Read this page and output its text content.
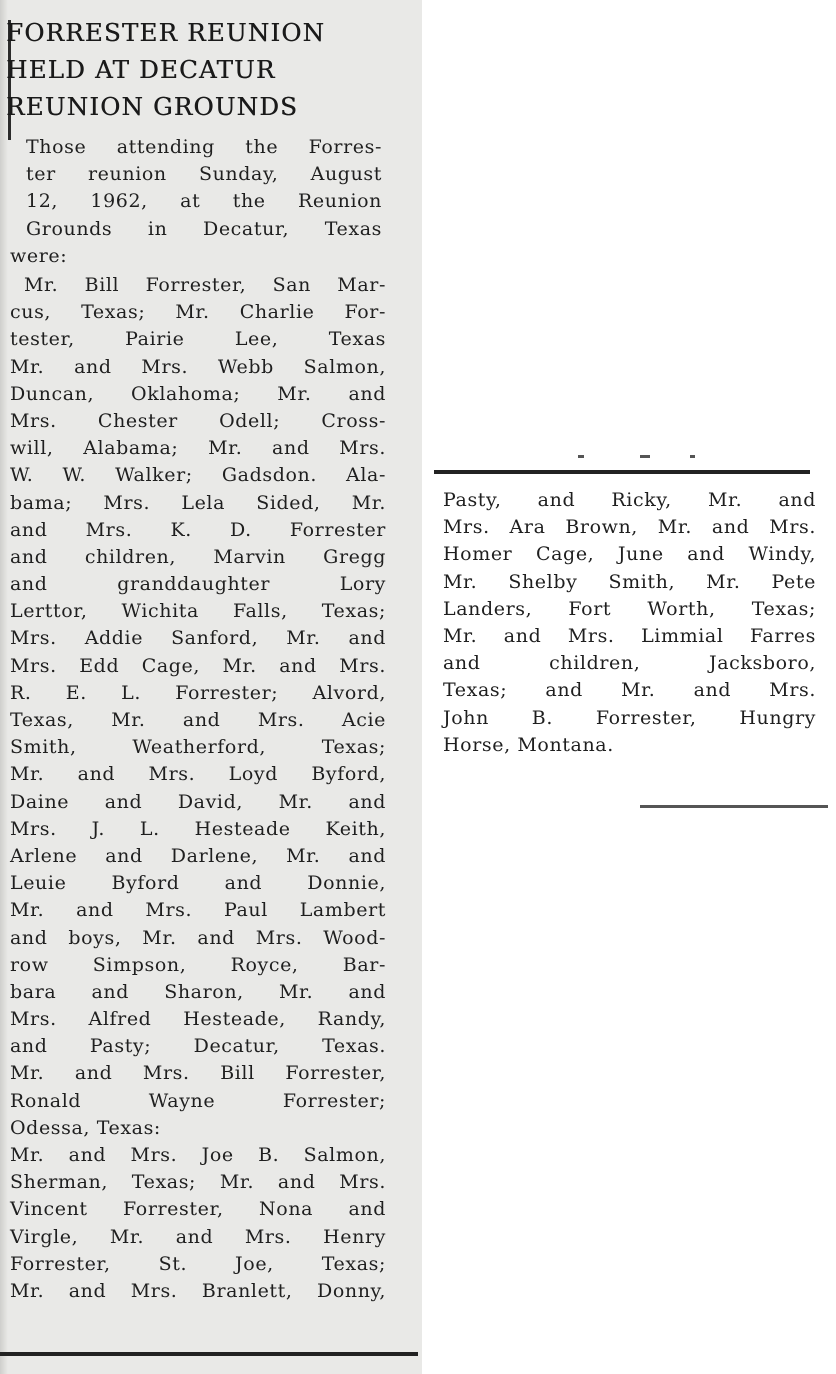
FORRESTER REUNION
HELD AT DECATUR
REUNION GROUNDS
Those attending the Forres-
ter reunion Sunday, August
12, 1962, at the Reunion
Grounds in Decatur, Texas
were:
Mr. Bill Forrester, San Mar-
cus, Texas; Mr. Charlie For-
tester, Pairie Lee, Texas
Mr. and Mrs. Webb Salmon,
Duncan, Oklahoma; Mr. and
Mrs. Chester Odell; Cross-
will, Alabama; Mr. and Mrs.
W. W. Walker; Gadsdon. Ala-
bama; Mrs. Lela Sided, Mr.
and Mrs. K. D. Forrester
and children, Marvin Gregg
and granddaughter Lory
Lerttor, Wichita Falls, Texas;
Mrs. Addie Sanford, Mr. and
Mrs. Edd Cage, Mr. and Mrs.
R. E. L. Forrester; Alvord,
Texas, Mr. and Mrs. Acie
Smith, Weatherford, Texas;
Mr. and Mrs. Loyd Byford,
Daine and David, Mr. and
Mrs. J. L. Hesteade Keith,
Arlene and Darlene, Mr. and
Leuie Byford and Donnie,
Mr. and Mrs. Paul Lambert
and boys, Mr. and Mrs. Wood-
row Simpson, Royce, Bar-
bara and Sharon, Mr. and
Mrs. Alfred Hesteade, Randy,
and Pasty; Decatur, Texas.
Mr. and Mrs. Bill Forrester,
Ronald Wayne Forrester;
Odessa, Texas:
Mr. and Mrs. Joe B. Salmon,
Sherman, Texas; Mr. and Mrs.
Vincent Forrester, Nona and
Virgle, Mr. and Mrs. Henry
Forrester, St. Joe, Texas;
Mr. and Mrs. Branlett, Donny,
Pasty, and Ricky, Mr. and
Mrs. Ara Brown, Mr. and Mrs.
Homer Cage, June and Windy,
Mr. Shelby Smith, Mr. Pete
Landers, Fort Worth, Texas;
Mr. and Mrs. Limmial Farres
and children, Jacksboro,
Texas; and Mr. and Mrs.
John B. Forrester, Hungry
Horse, Montana.
